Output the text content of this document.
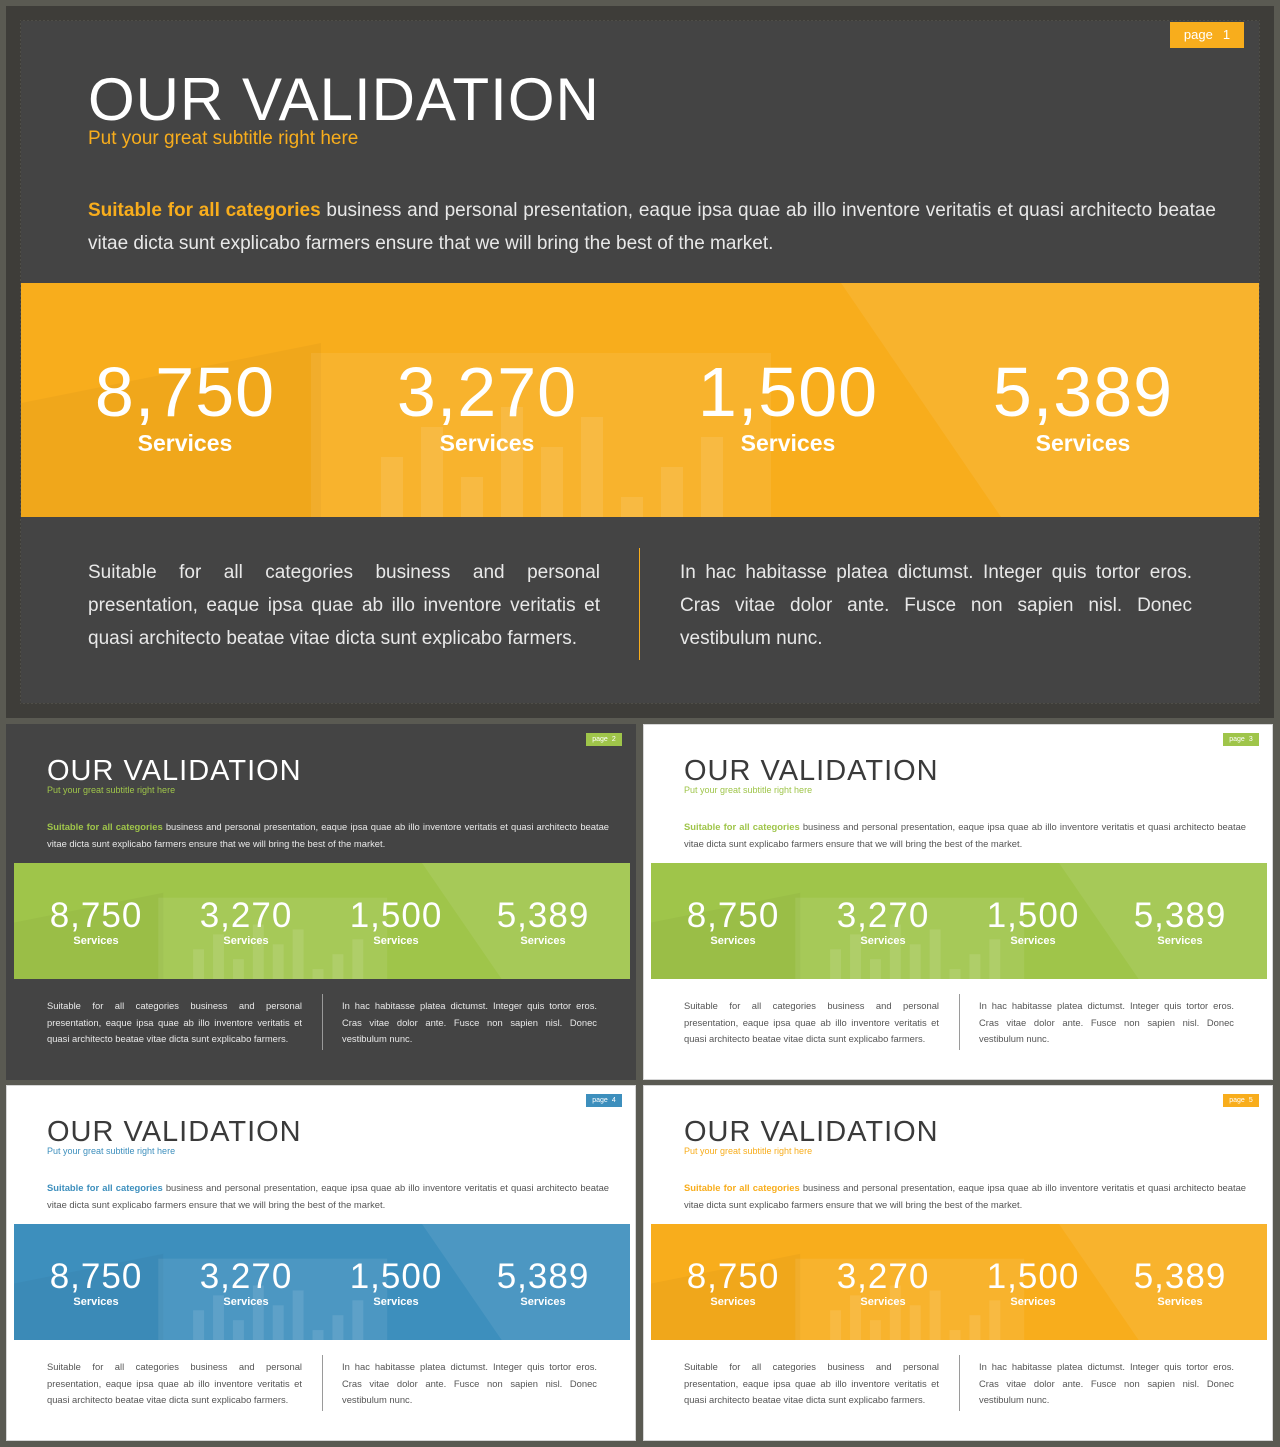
page 1
OUR VALIDATION
Put your great subtitle right here
Suitable for all categories business and personal presentation, eaque ipsa quae ab illo inventore veritatis et quasi architecto beatae vitae dicta sunt explicabo farmers ensure that we will bring the best of the market.
8,750
Services
3,270
Services
1,500
Services
5,389
Services
Suitable for all categories business and personal presentation, eaque ipsa quae ab illo inventore veritatis et quasi architecto beatae vitae dicta sunt explicabo farmers.
In hac habitasse platea dictumst. Integer quis tortor eros. Cras vitae dolor ante. Fusce non sapien nisl. Donec vestibulum nunc.
page 2
OUR VALIDATION
Put your great subtitle right here
Suitable for all categories business and personal presentation, eaque ipsa quae ab illo inventore veritatis et quasi architecto beatae vitae dicta sunt explicabo farmers ensure that we will bring the best of the market.
8,750
Services
3,270
Services
1,500
Services
5,389
Services
Suitable for all categories business and personal presentation, eaque ipsa quae ab illo inventore veritatis et quasi architecto beatae vitae dicta sunt explicabo farmers.
In hac habitasse platea dictumst. Integer quis tortor eros. Cras vitae dolor ante. Fusce non sapien nisl. Donec vestibulum nunc.
page 3
OUR VALIDATION
Put your great subtitle right here
Suitable for all categories business and personal presentation, eaque ipsa quae ab illo inventore veritatis et quasi architecto beatae vitae dicta sunt explicabo farmers ensure that we will bring the best of the market.
8,750
Services
3,270
Services
1,500
Services
5,389
Services
Suitable for all categories business and personal presentation, eaque ipsa quae ab illo inventore veritatis et quasi architecto beatae vitae dicta sunt explicabo farmers.
In hac habitasse platea dictumst. Integer quis tortor eros. Cras vitae dolor ante. Fusce non sapien nisl. Donec vestibulum nunc.
page 4
OUR VALIDATION
Put your great subtitle right here
Suitable for all categories business and personal presentation, eaque ipsa quae ab illo inventore veritatis et quasi architecto beatae vitae dicta sunt explicabo farmers ensure that we will bring the best of the market.
8,750
Services
3,270
Services
1,500
Services
5,389
Services
Suitable for all categories business and personal presentation, eaque ipsa quae ab illo inventore veritatis et quasi architecto beatae vitae dicta sunt explicabo farmers.
In hac habitasse platea dictumst. Integer quis tortor eros. Cras vitae dolor ante. Fusce non sapien nisl. Donec vestibulum nunc.
page 5
OUR VALIDATION
Put your great subtitle right here
Suitable for all categories business and personal presentation, eaque ipsa quae ab illo inventore veritatis et quasi architecto beatae vitae dicta sunt explicabo farmers ensure that we will bring the best of the market.
8,750
Services
3,270
Services
1,500
Services
5,389
Services
Suitable for all categories business and personal presentation, eaque ipsa quae ab illo inventore veritatis et quasi architecto beatae vitae dicta sunt explicabo farmers.
In hac habitasse platea dictumst. Integer quis tortor eros. Cras vitae dolor ante. Fusce non sapien nisl. Donec vestibulum nunc.
